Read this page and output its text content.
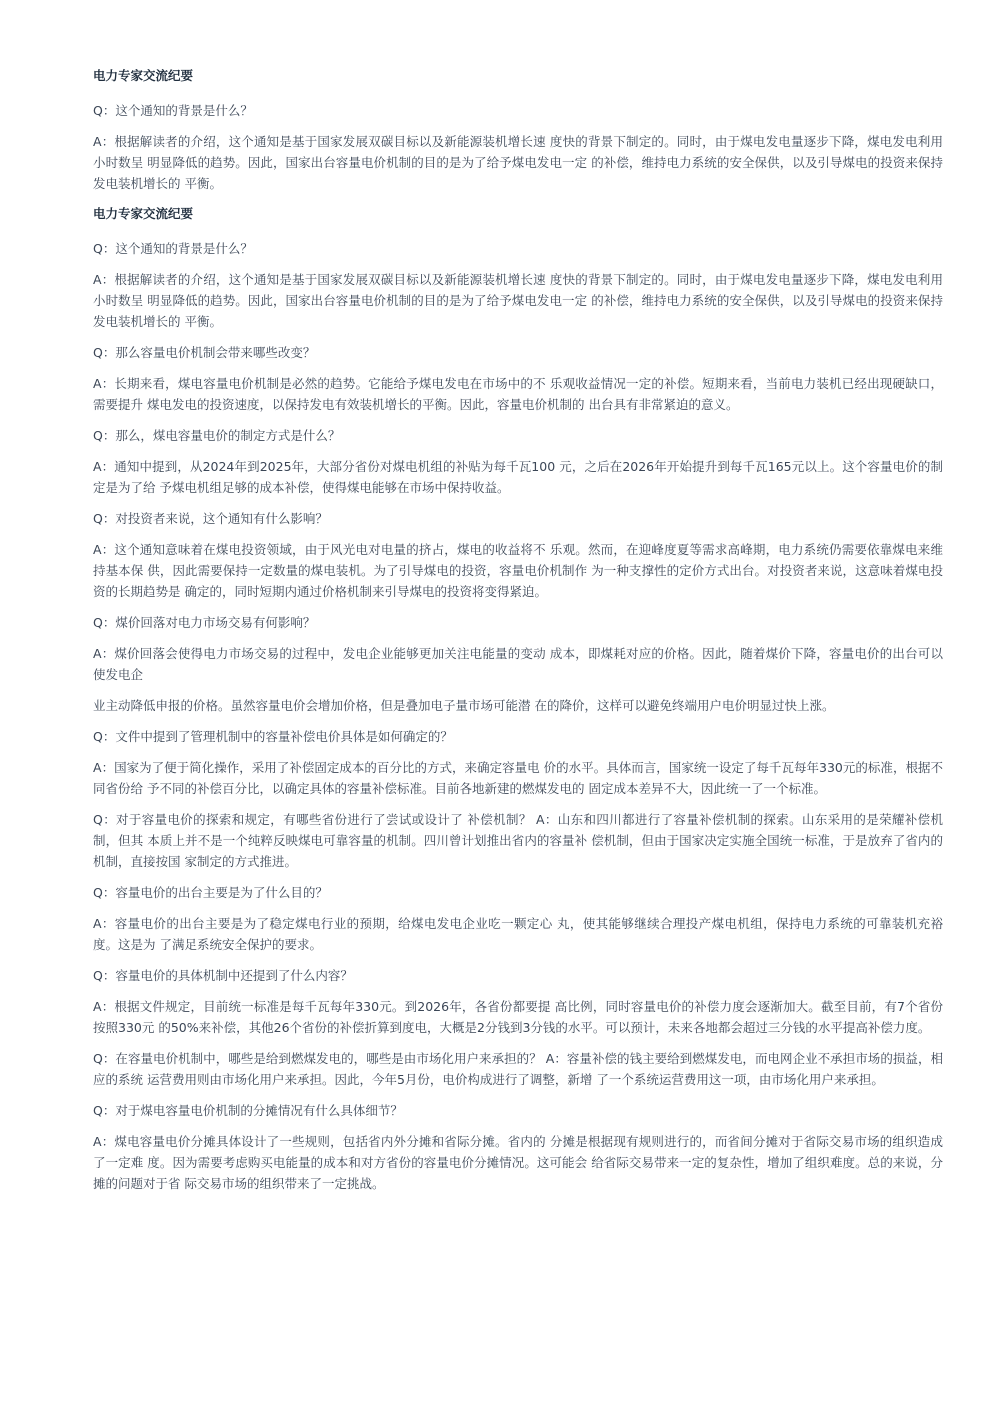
电力专家交流纪要

Q：这个通知的背景是什么？

A：根据解读者的介绍，这个通知是基于国家发展双碳目标以及新能源装机增长速 度快的背景下制定的。同时，由于煤电发电量逐步下降，煤电发电利用小时数呈 明显降低的趋势。因此，国家出台容量电价机制的目的是为了给予煤电发电一定 的补偿，维持电力系统的安全保供，以及引导煤电的投资来保持发电装机增长的 平衡。

电力专家交流纪要

Q：这个通知的背景是什么？

A：根据解读者的介绍，这个通知是基于国家发展双碳目标以及新能源装机增长速 度快的背景下制定的。同时，由于煤电发电量逐步下降，煤电发电利用小时数呈 明显降低的趋势。因此，国家出台容量电价机制的目的是为了给予煤电发电一定 的补偿，维持电力系统的安全保供，以及引导煤电的投资来保持发电装机增长的 平衡。

Q：那么容量电价机制会带来哪些改变？

A：长期来看，煤电容量电价机制是必然的趋势。它能给予煤电发电在市场中的不 乐观收益情况一定的补偿。短期来看，当前电力装机已经出现硬缺口，需要提升 煤电发电的投资速度，以保持发电有效装机增长的平衡。因此，容量电价机制的 出台具有非常紧迫的意义。

Q：那么，煤电容量电价的制定方式是什么？

A：通知中提到，从2024年到2025年，大部分省份对煤电机组的补贴为每千瓦100 元，之后在2026年开始提升到每千瓦165元以上。这个容量电价的制定是为了给 予煤电机组足够的成本补偿，使得煤电能够在市场中保持收益。

Q：对投资者来说，这个通知有什么影响？

A：这个通知意味着在煤电投资领域，由于风光电对电量的挤占，煤电的收益将不 乐观。然而，在迎峰度夏等需求高峰期，电力系统仍需要依靠煤电来维持基本保 供，因此需要保持一定数量的煤电装机。为了引导煤电的投资，容量电价机制作 为一种支撑性的定价方式出台。对投资者来说，这意味着煤电投资的长期趋势是 确定的，同时短期内通过价格机制来引导煤电的投资将变得紧迫。

Q：煤价回落对电力市场交易有何影响？

A：煤价回落会使得电力市场交易的过程中，发电企业能够更加关注电能量的变动 成本，即煤耗对应的价格。因此，随着煤价下降，容量电价的出台可以使发电企

业主动降低申报的价格。虽然容量电价会增加价格，但是叠加电子量市场可能潜 在的降价，这样可以避免终端用户电价明显过快上涨。

Q：文件中提到了管理机制中的容量补偿电价具体是如何确定的？

A：国家为了便于简化操作，采用了补偿固定成本的百分比的方式，来确定容量电 价的水平。具体而言，国家统一设定了每千瓦每年330元的标准，根据不同省份给 予不同的补偿百分比，以确定具体的容量补偿标准。目前各地新建的燃煤发电的 固定成本差异不大，因此统一了一个标准。

Q：对于容量电价的探索和规定，有哪些省份进行了尝试或设计了 补偿机制？ A：山东和四川都进行了容量补偿机制的探索。山东采用的是荣耀补偿机制，但其 本质上并不是一个纯粹反映煤电可靠容量的机制。四川曾计划推出省内的容量补 偿机制，但由于国家决定实施全国统一标准，于是放弃了省内的机制，直接按国 家制定的方式推进。

Q：容量电价的出台主要是为了什么目的？

A：容量电价的出台主要是为了稳定煤电行业的预期，给煤电发电企业吃一颗定心 丸，使其能够继续合理投产煤电机组，保持电力系统的可靠装机充裕度。这是为 了满足系统安全保护的要求。

Q：容量电价的具体机制中还提到了什么内容？

A：根据文件规定，目前统一标准是每千瓦每年330元。到2026年，各省份都要提 高比例，同时容量电价的补偿力度会逐渐加大。截至目前，有7个省份按照330元 的50%来补偿，其他26个省份的补偿折算到度电，大概是2分钱到3分钱的水平。可以预计，未来各地都会超过三分钱的水平提高补偿力度。

Q：在容量电价机制中，哪些是给到燃煤发电的，哪些是由市场化用户来承担的？ A：容量补偿的钱主要给到燃煤发电，而电网企业不承担市场的损益，相应的系统 运营费用则由市场化用户来承担。因此，今年5月份，电价构成进行了调整，新增 了一个系统运营费用这一项，由市场化用户来承担。

Q：对于煤电容量电价机制的分摊情况有什么具体细节？

A：煤电容量电价分摊具体设计了一些规则，包括省内外分摊和省际分摊。省内的 分摊是根据现有规则进行的，而省间分摊对于省际交易市场的组织造成了一定难 度。因为需要考虑购买电能量的成本和对方省份的容量电价分摊情况。这可能会 给省际交易带来一定的复杂性，增加了组织难度。总的来说，分摊的问题对于省 际交易市场的组织带来了一定挑战。
